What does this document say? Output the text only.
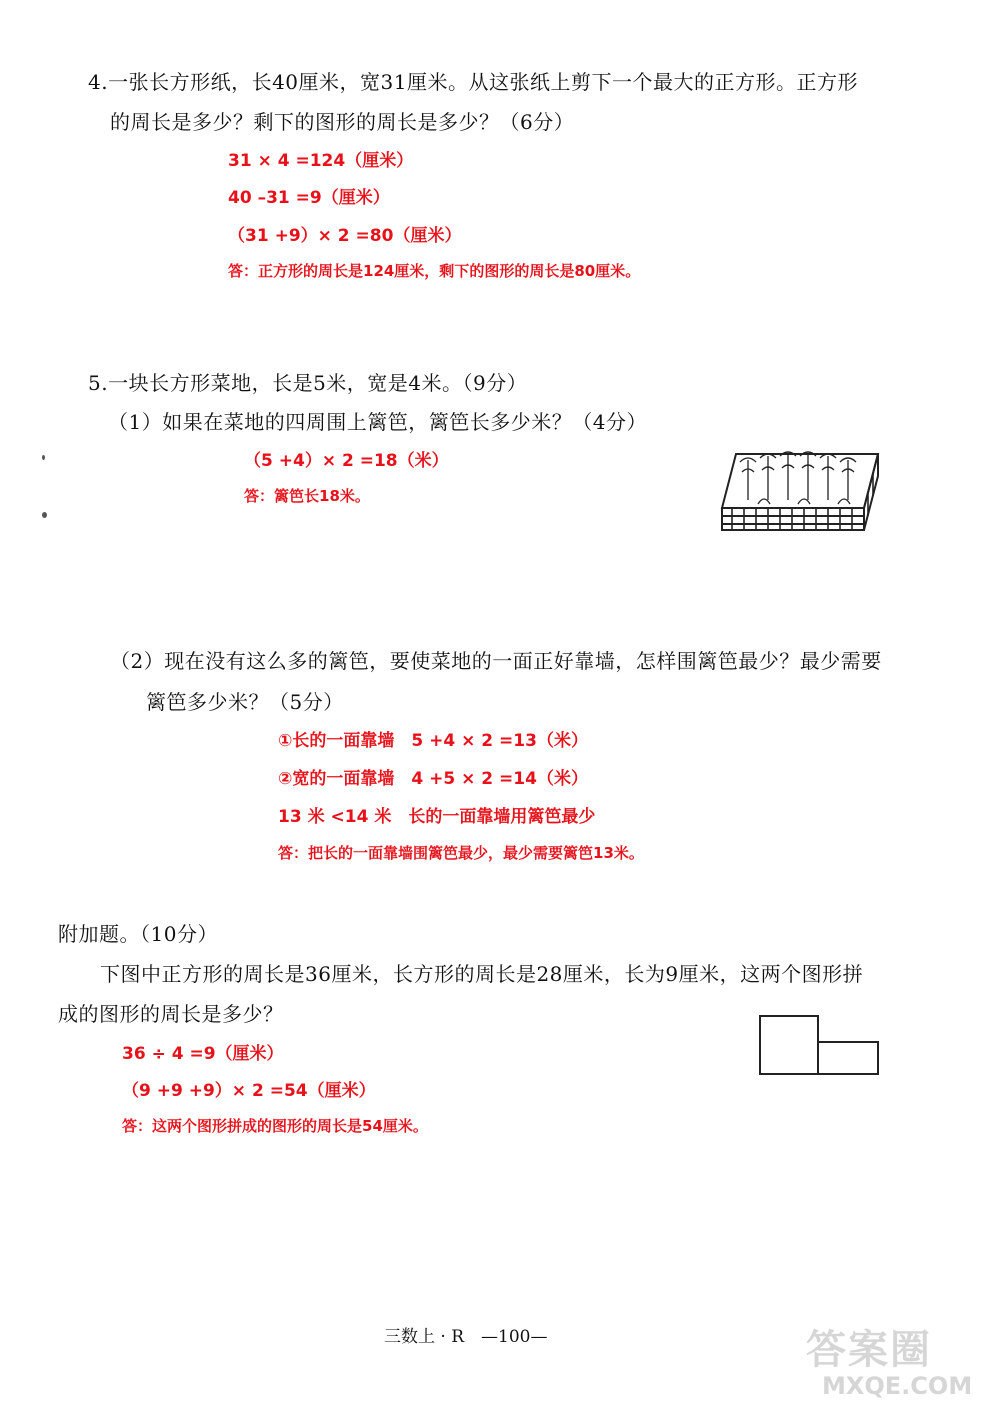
4.一张长方形纸，长40厘米，宽31厘米。从这张纸上剪下一个最大的正方形。正方形
的周长是多少？剩下的图形的周长是多少？（6分）
31 × 4 =124（厘米）
40 –31 =9（厘米）
（31 +9）× 2 =80（厘米）
答：正方形的周长是124厘米，剩下的图形的周长是80厘米。
5.一块长方形菜地，长是5米，宽是4米。（9分）
（1）如果在菜地的四周围上篱笆，篱笆长多少米？（4分）
（5 +4）× 2 =18（米）
答：篱笆长18米。
（2）现在没有这么多的篱笆，要使菜地的一面正好靠墙，怎样围篱笆最少？最少需要
篱笆多少米？（5分）
①长的一面靠墙　5 +4 × 2 =13（米）
②宽的一面靠墙　4 +5 × 2 =14（米）
13 米 <14 米　长的一面靠墙用篱笆最少
答：把长的一面靠墙围篱笆最少，最少需要篱笆13米。
附加题。（10分）
下图中正方形的周长是36厘米，长方形的周长是28厘米，长为9厘米，这两个图形拼
成的图形的周长是多少？
36 ÷ 4 =9（厘米）
（9 +9 +9）× 2 =54（厘米）
答：这两个图形拼成的图形的周长是54厘米。
三数上 · R　—100—	答案圈
MXQE.COM
